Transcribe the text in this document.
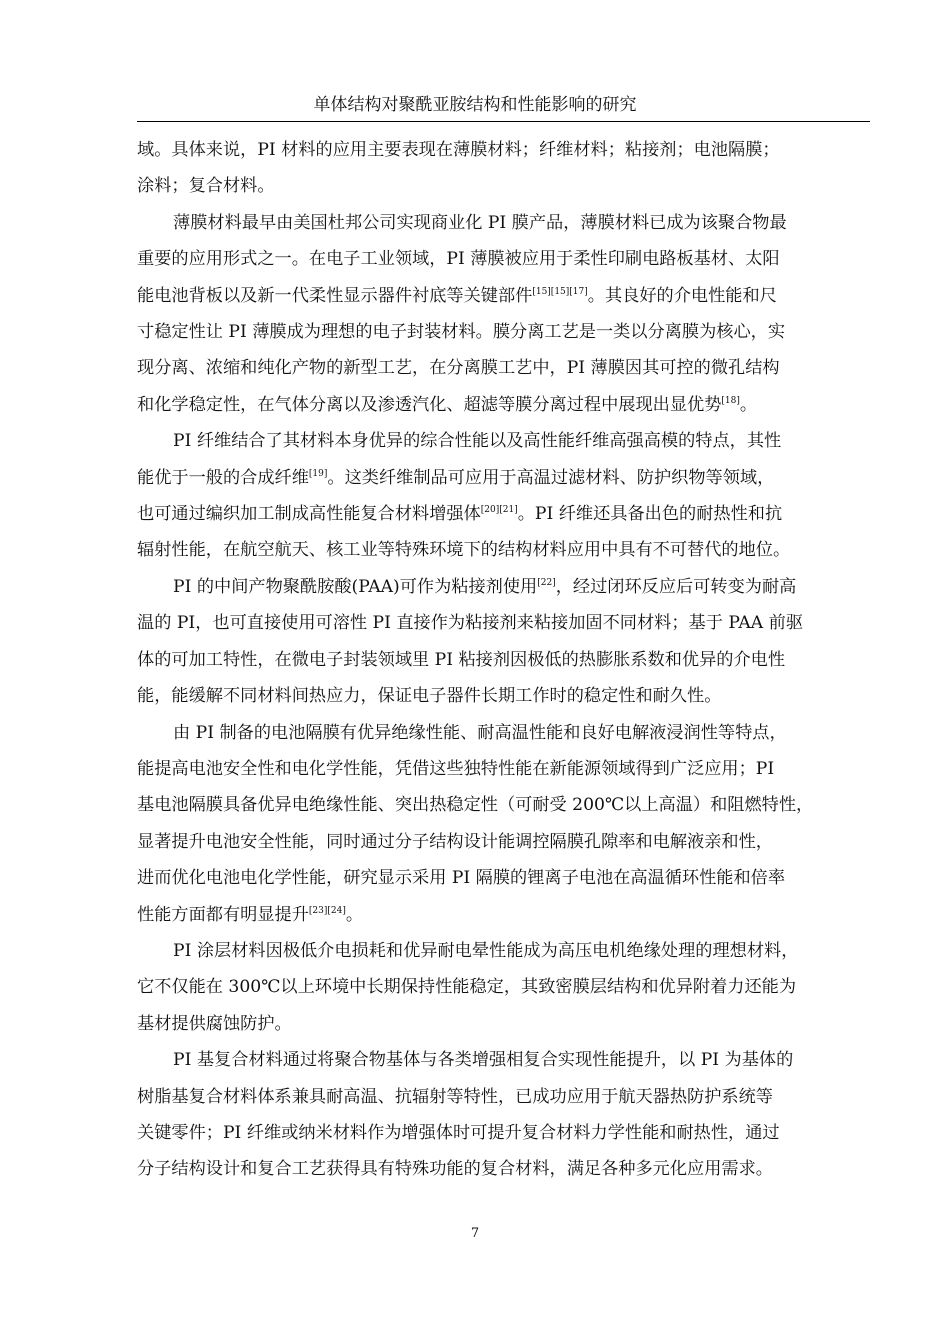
单体结构对聚酰亚胺结构和性能影响的研究

域。具体来说，PI 材料的应用主要表现在薄膜材料；纤维材料；粘接剂；电池隔膜；
涂料；复合材料。

薄膜材料最早由美国杜邦公司实现商业化 PI 膜产品，薄膜材料已成为该聚合物最
重要的应用形式之一。在电子工业领域，PI 薄膜被应用于柔性印刷电路板基材、太阳
能电池背板以及新一代柔性显示器件衬底等关键部件[15][15][17]。其良好的介电性能和尺
寸稳定性让 PI 薄膜成为理想的电子封装材料。膜分离工艺是一类以分离膜为核心，实
现分离、浓缩和纯化产物的新型工艺，在分离膜工艺中，PI 薄膜因其可控的微孔结构
和化学稳定性，在气体分离以及渗透汽化、超滤等膜分离过程中展现出显优势[18]。

PI 纤维结合了其材料本身优异的综合性能以及高性能纤维高强高模的特点，其性
能优于一般的合成纤维[19]。这类纤维制品可应用于高温过滤材料、防护织物等领域，
也可通过编织加工制成高性能复合材料增强体[20][21]。PI 纤维还具备出色的耐热性和抗
辐射性能，在航空航天、核工业等特殊环境下的结构材料应用中具有不可替代的地位。

PI 的中间产物聚酰胺酸(PAA)可作为粘接剂使用[22]，经过闭环反应后可转变为耐高
温的 PI，也可直接使用可溶性 PI 直接作为粘接剂来粘接加固不同材料；基于 PAA 前驱
体的可加工特性，在微电子封装领域里 PI 粘接剂因极低的热膨胀系数和优异的介电性
能，能缓解不同材料间热应力，保证电子器件长期工作时的稳定性和耐久性。

由 PI 制备的电池隔膜有优异绝缘性能、耐高温性能和良好电解液浸润性等特点，
能提高电池安全性和电化学性能，凭借这些独特性能在新能源领域得到广泛应用；PI
基电池隔膜具备优异电绝缘性能、突出热稳定性（可耐受 200℃以上高温）和阻燃特性，
显著提升电池安全性能，同时通过分子结构设计能调控隔膜孔隙率和电解液亲和性，
进而优化电池电化学性能，研究显示采用 PI 隔膜的锂离子电池在高温循环性能和倍率
性能方面都有明显提升[23][24]。

PI 涂层材料因极低介电损耗和优异耐电晕性能成为高压电机绝缘处理的理想材料，
它不仅能在 300℃以上环境中长期保持性能稳定，其致密膜层结构和优异附着力还能为
基材提供腐蚀防护。

PI 基复合材料通过将聚合物基体与各类增强相复合实现性能提升，以 PI 为基体的
树脂基复合材料体系兼具耐高温、抗辐射等特性，已成功应用于航天器热防护系统等
关键零件；PI 纤维或纳米材料作为增强体时可提升复合材料力学性能和耐热性，通过
分子结构设计和复合工艺获得具有特殊功能的复合材料，满足各种多元化应用需求。

7
